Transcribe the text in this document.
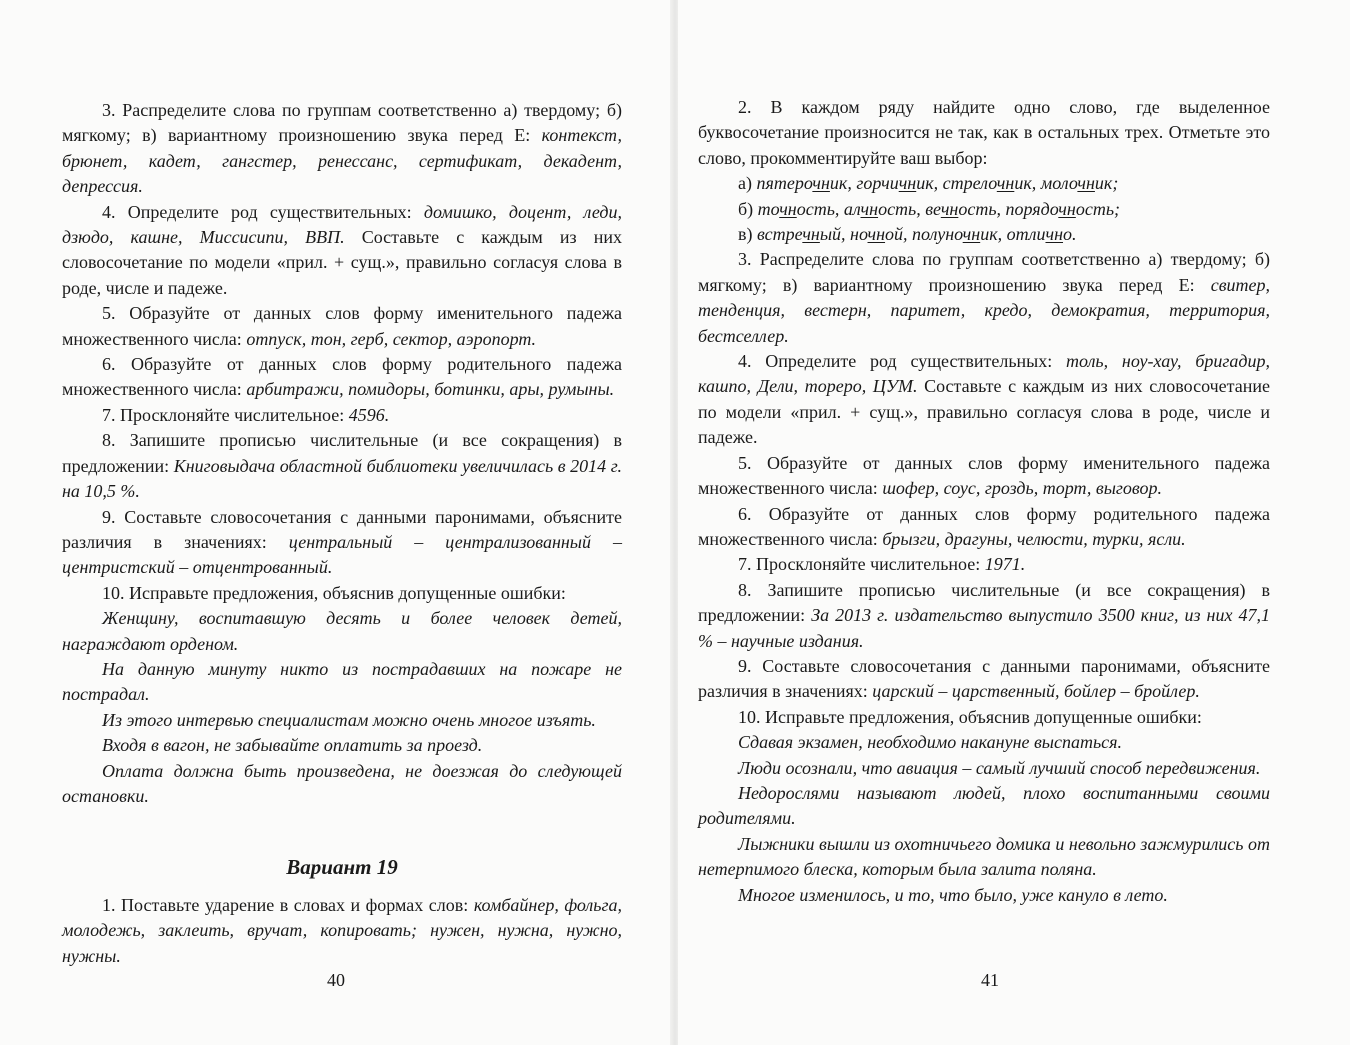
3. Распределите слова по группам соответственно а) твердому; б) мягкому; в) вариантному произношению звука перед Е: контекст, брюнет, кадет, гангстер, ренессанс, сертификат, декадент, депрессия.

4. Определите род существительных: домишко, доцент, леди, дзюдо, кашне, Миссисипи, ВВП. Составьте с каждым из них словосочетание по модели «прил. + сущ.», правильно согласуя слова в роде, числе и падеже.

5. Образуйте от данных слов форму именительного падежа множественного числа: отпуск, тон, герб, сектор, аэропорт.

6. Образуйте от данных слов форму родительного падежа множественного числа: арбитражи, помидоры, ботинки, ары, румыны.

7. Просклоняйте числительное: 4596.

8. Запишите прописью числительные (и все сокращения) в предложении: Книговыдача областной библиотеки увеличилась в 2014 г. на 10,5 %.

9. Составьте словосочетания с данными паронимами, объясните различия в значениях: центральный – централизованный – центристский – отцентрованный.

10. Исправьте предложения, объяснив допущенные ошибки:

Женщину, воспитавшую десять и более человек детей, награждают орденом.

На данную минуту никто из пострадавших на пожаре не пострадал.

Из этого интервью специалистам можно очень многое изъять.

Входя в вагон, не забывайте оплатить за проезд.

Оплата должна быть произведена, не доезжая до следующей остановки.

Вариант 19

1. Поставьте ударение в словах и формах слов: комбайнер, фольга, молодежь, заклеить, вручат, копировать; нужен, нужна, нужно, нужны.

40

2. В каждом ряду найдите одно слово, где выделенное буквосочетание произносится не так, как в остальных трех. Отметьте это слово, прокомментируйте ваш выбор:

а) пятерочник, горчичник, стрелочник, молочник;

б) точность, алчность, вечность, порядочность;

в) встречный, ночной, полуночник, отлично.

3. Распределите слова по группам соответственно а) твердому; б) мягкому; в) вариантному произношению звука перед Е: свитер, тенденция, вестерн, паритет, кредо, демократия, территория, бестселлер.

4. Определите род существительных: толь, ноу-хау, бригадир, кашпо, Дели, тореро, ЦУМ. Составьте с каждым из них словосочетание по модели «прил. + сущ.», правильно согласуя слова в роде, числе и падеже.

5. Образуйте от данных слов форму именительного падежа множественного числа: шофер, соус, гроздь, торт, выговор.

6. Образуйте от данных слов форму родительного падежа множественного числа: брызги, драгуны, челюсти, турки, ясли.

7. Просклоняйте числительное: 1971.

8. Запишите прописью числительные (и все сокращения) в предложении: За 2013 г. издательство выпустило 3500 книг, из них 47,1 % – научные издания.

9. Составьте словосочетания с данными паронимами, объясните различия в значениях: царский – царственный, бойлер – бройлер.

10. Исправьте предложения, объяснив допущенные ошибки:

Сдавая экзамен, необходимо накануне выспаться.

Люди осознали, что авиация – самый лучший способ передвижения.

Недорослями называют людей, плохо воспитанными своими родителями.

Лыжники вышли из охотничьего домика и невольно зажмурились от нетерпимого блеска, которым была залита поляна.

Многое изменилось, и то, что было, уже кануло в лето.

41
